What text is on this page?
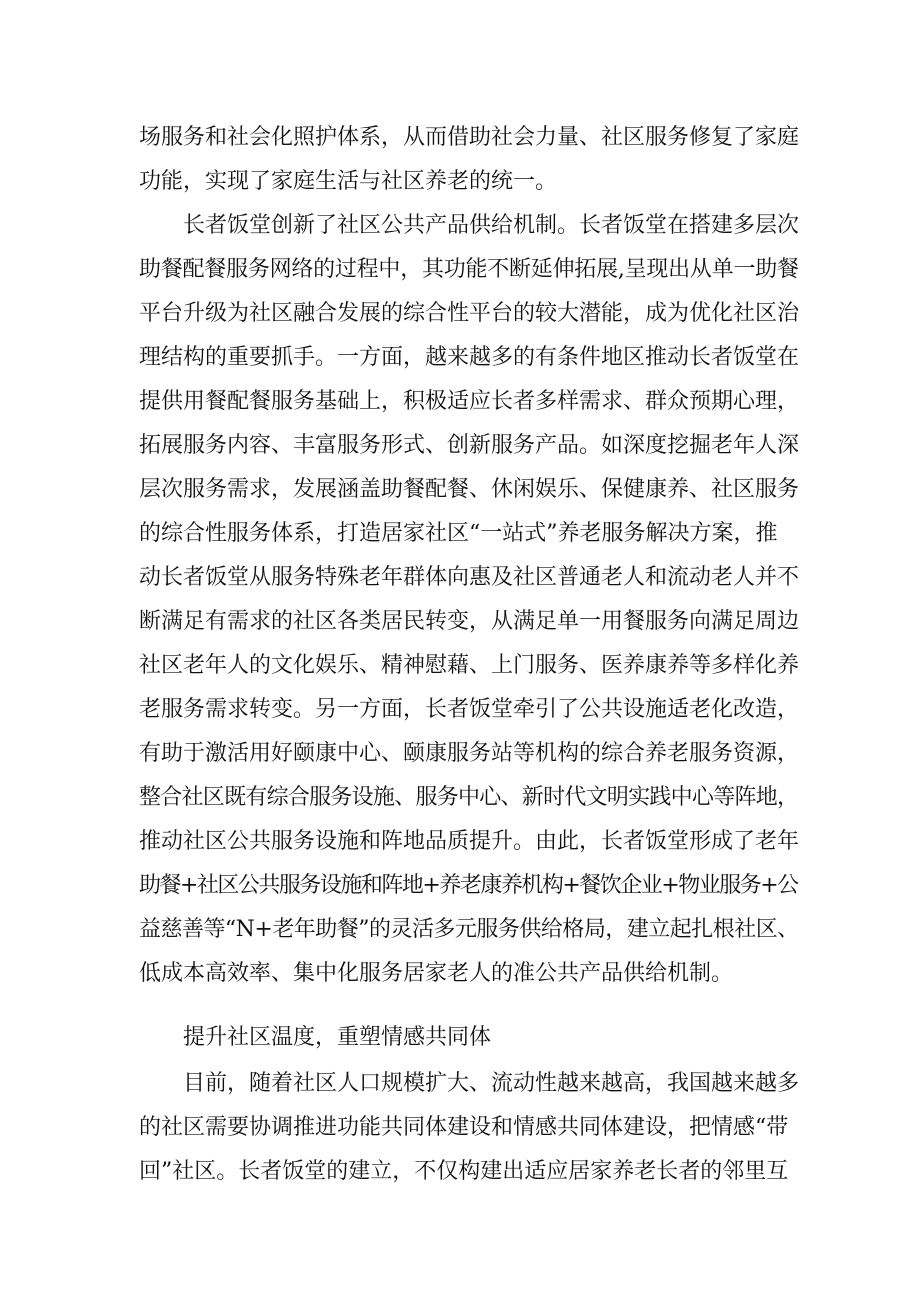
场服务和社会化照护体系，从而借助社会力量、社区服务修复了家庭
功能，实现了家庭生活与社区养老的统一。
长者饭堂创新了社区公共产品供给机制。长者饭堂在搭建多层次
助餐配餐服务网络的过程中，其功能不断延伸拓展,呈现出从单一助餐
平台升级为社区融合发展的综合性平台的较大潜能，成为优化社区治
理结构的重要抓手。一方面，越来越多的有条件地区推动长者饭堂在
提供用餐配餐服务基础上，积极适应长者多样需求、群众预期心理，
拓展服务内容、丰富服务形式、创新服务产品。如深度挖掘老年人深
层次服务需求，发展涵盖助餐配餐、休闲娱乐、保健康养、社区服务
的综合性服务体系，打造居家社区“一站式”养老服务解决方案，推
动长者饭堂从服务特殊老年群体向惠及社区普通老人和流动老人并不
断满足有需求的社区各类居民转变，从满足单一用餐服务向满足周边
社区老年人的文化娱乐、精神慰藉、上门服务、医养康养等多样化养
老服务需求转变。另一方面，长者饭堂牵引了公共设施适老化改造，
有助于激活用好颐康中心、颐康服务站等机构的综合养老服务资源，
整合社区既有综合服务设施、服务中心、新时代文明实践中心等阵地，
推动社区公共服务设施和阵地品质提升。由此，长者饭堂形成了老年
助餐+社区公共服务设施和阵地+养老康养机构+餐饮企业+物业服务+公
益慈善等“N+老年助餐”的灵活多元服务供给格局，建立起扎根社区、
低成本高效率、集中化服务居家老人的准公共产品供给机制。
提升社区温度，重塑情感共同体
目前，随着社区人口规模扩大、流动性越来越高，我国越来越多
的社区需要协调推进功能共同体建设和情感共同体建设，把情感“带
回”社区。长者饭堂的建立，不仅构建出适应居家养老长者的邻里互
